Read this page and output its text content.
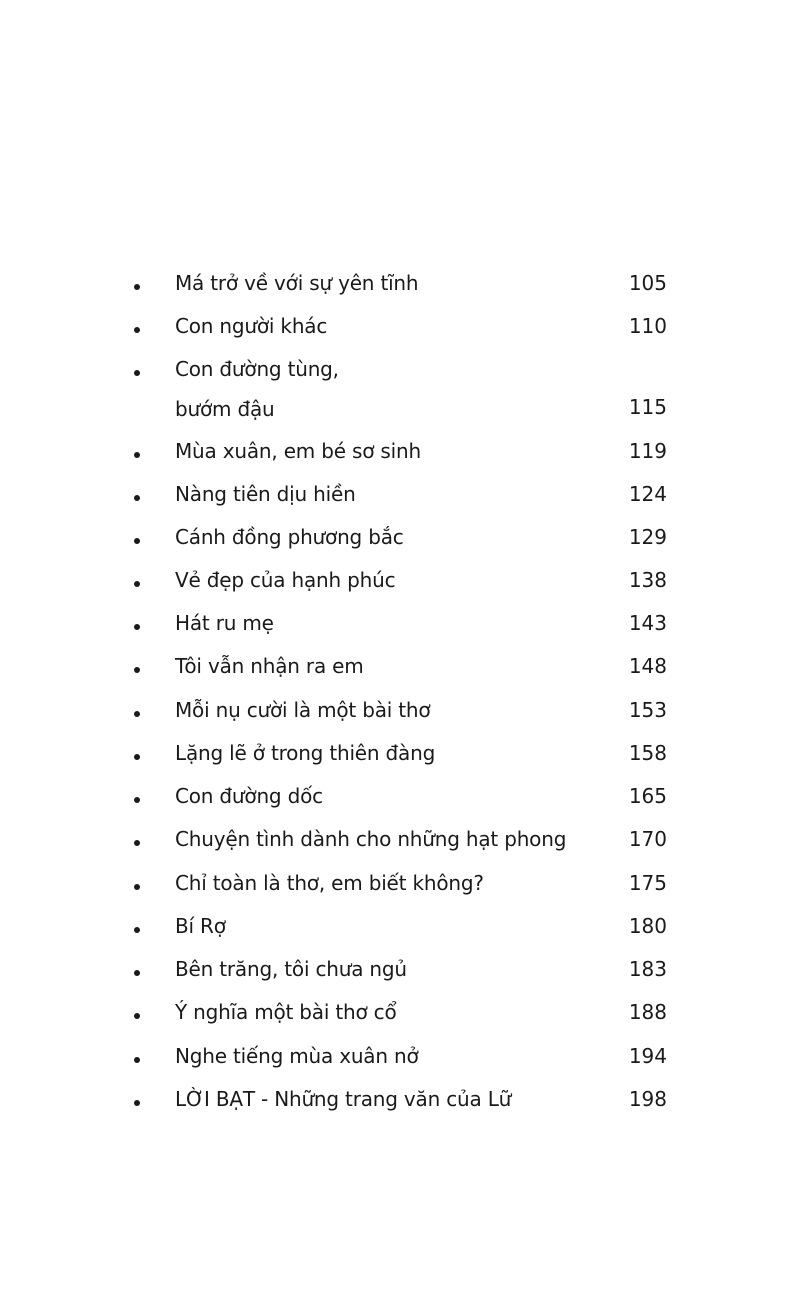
Má trở về với sự yên tĩnh	105
Con người khác	110
Con đường tùng,
bướm đậu	115
Mùa xuân, em bé sơ sinh	119
Nàng tiên dịu hiền	124
Cánh đồng phương bắc	129
Vẻ đẹp của hạnh phúc	138
Hát ru mẹ	143
Tôi vẫn nhận ra em	148
Mỗi nụ cười là một bài thơ	153
Lặng lẽ ở trong thiên đàng	158
Con đường dốc	165
Chuyện tình dành cho những hạt phong	170
Chỉ toàn là thơ, em biết không?	175
Bí Rợ	180
Bên trăng, tôi chưa ngủ	183
Ý nghĩa một bài thơ cổ	188
Nghe tiếng mùa xuân nở	194
LỜI BẠT - Những trang văn của Lữ	198
